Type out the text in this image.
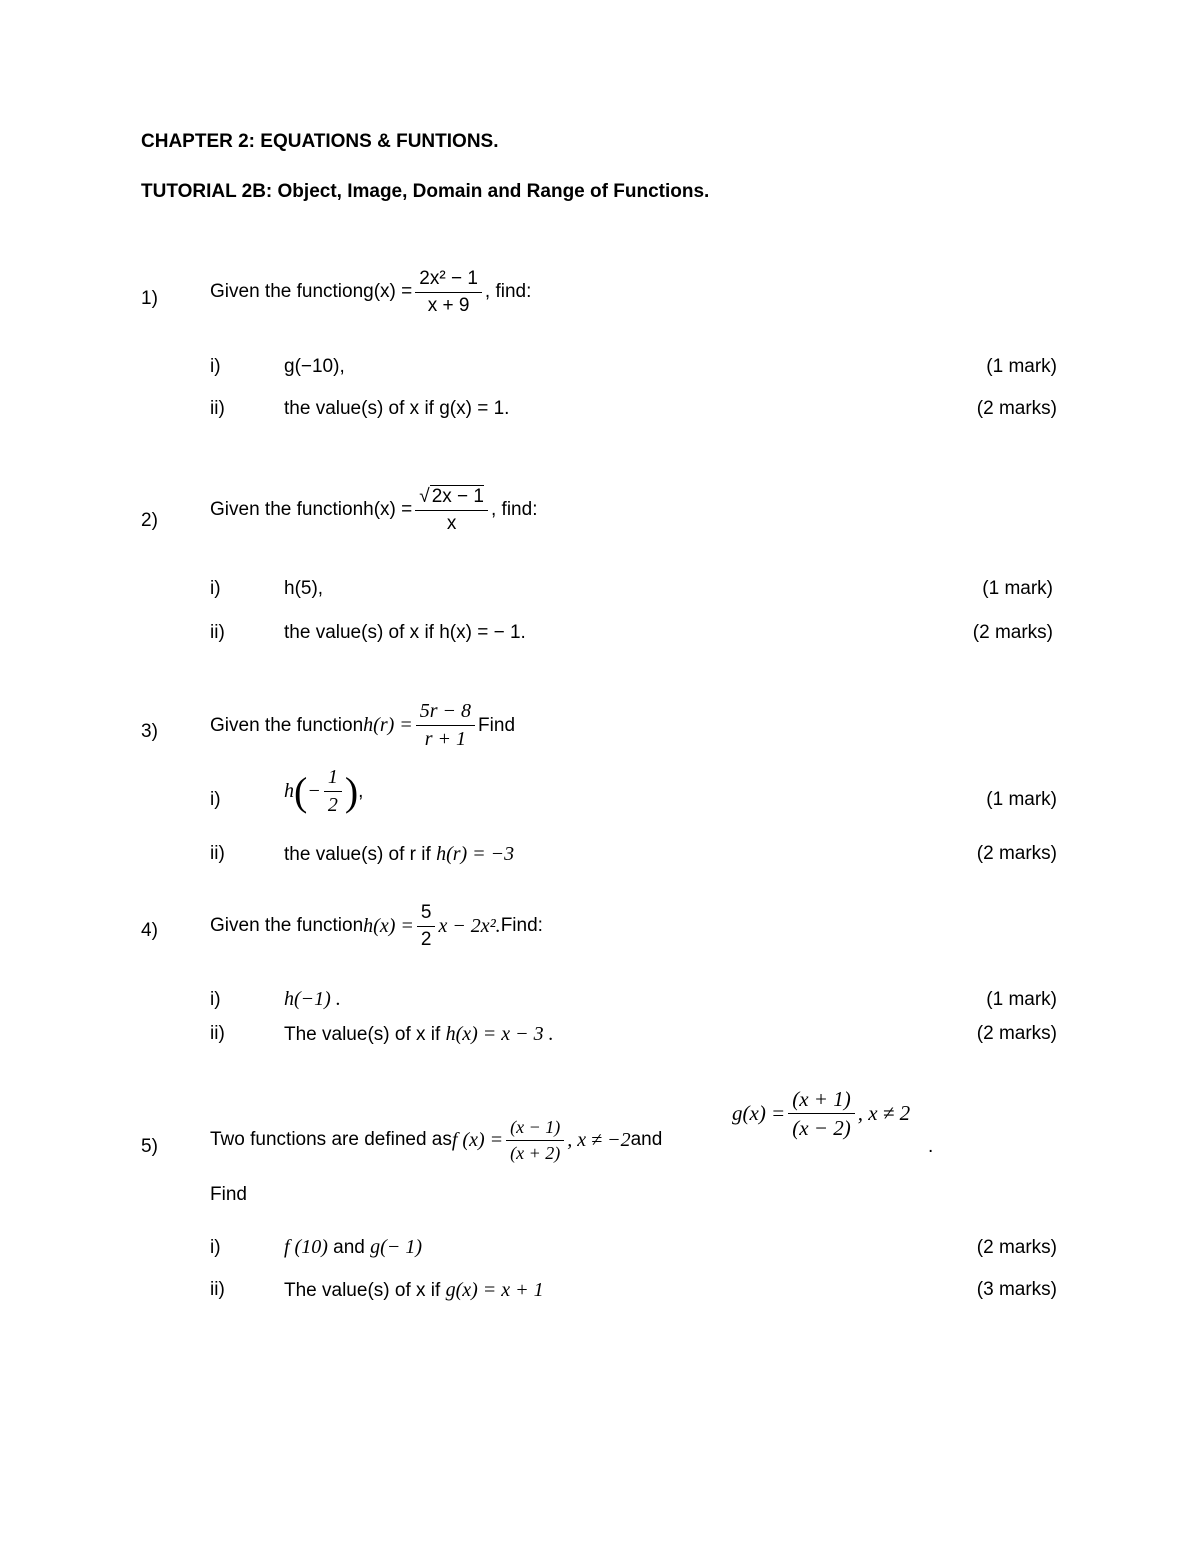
CHAPTER 2: EQUATIONS & FUNTIONS.
TUTORIAL 2B: Object, Image, Domain and Range of Functions.
1)	Given the function $g(x) = \frac{\text{2x² − 1}}{x + 9}$ , find:
i)	g(−10),	(1 mark)
ii)	the value(s) of x if g(x) = 1.	(2 marks)
2)
Given the function $h(x) = \frac{√ 2x - 1}{x}$ , find:
i)	h(5),	(1 mark)
ii)	the value(s) of x if h(x) = − 1.	(2 marks)
3)	Given the function $h(r) = \frac{5r - 8}{r + 1}$ Find
i)	h ( − $\frac{1}{2}$ ) ,	(1 mark)
ii)	the value(s) of r if h(r) = −3	(2 marks)
4)	Given the function $h(x) = \frac{5}{2}$ x − 2x². Find:
i)	h(−1) .	(1 mark)
ii)	The value(s) of x if h(x) = x − 3 .	(2 marks)
5)	Two functions are defined as f $(x) = \frac{(x - 1)}{(x + 2)}$ , x ≠ −2 and
$g(x) = \frac{(x + 1)}{(x - 2)}$ , x ≠ 2
.
Find
i)	f (10) and g(− 1)	(2 marks)
ii)	The value(s) of x if g(x) = x + 1	(3 marks)
